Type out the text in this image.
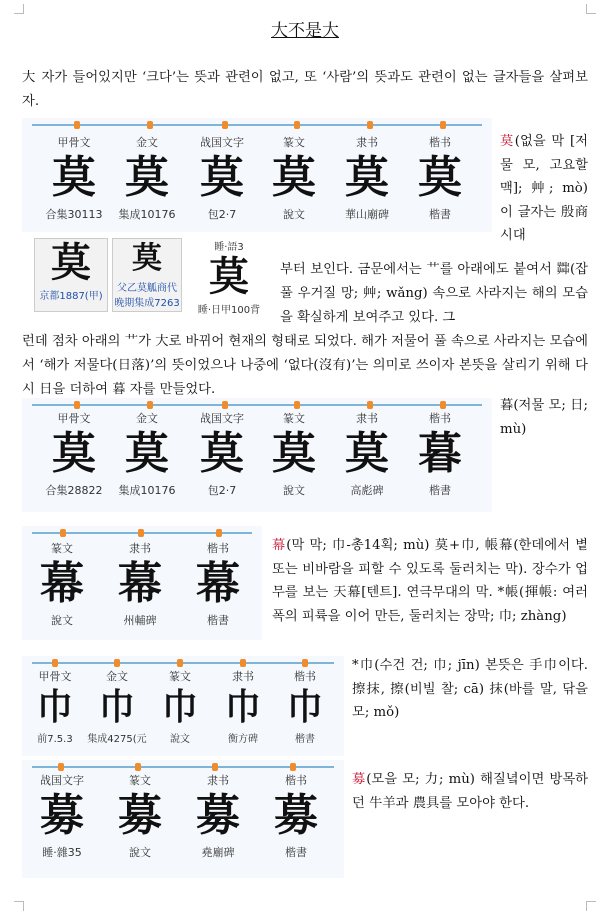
大不是大
大 자가 들어있지만 ‘크다’는 뜻과 관련이 없고, 또 ‘사람’의 뜻과도 관련이 없는 글자들을 살펴보자.
甲骨文
莫
合集30113
金文
莫
集成10176
战国文字
莫
包2·7
篆文
莫
說文
隶书
莫
華山廟碑
楷书
莫
楷書
莫(없을 막 [저물 모, 고요할 맥]; 艸; mò) 이 글자는 殷商시대
莫
京都1887(甲)
莫
父乙莫觚商代 晚期集成7263
睡·語3
莫
睡·日甲100背
부터 보인다. 금문에서는 艹를 아래에도 붙여서 茻(잡풀 우거질 망; 艸; wǎng) 속으로 사라지는 해의 모습을 확실하게 보여주고 있다. 그
런데 점차 아래의 艹가 大로 바뀌어 현재의 형태로 되었다. 해가 저물어 풀 속으로 사라지는 모습에서 ‘해가 저물다(日落)’의 뜻이었으나 나중에 ‘없다(沒有)’는 의미로 쓰이자 본뜻을 살리기 위해 다시 日을 더하여 暮 자를 만들었다.
甲骨文
莫
合集28822
金文
莫
集成10176
战国文字
莫
包2·7
篆文
莫
說文
隶书
莫
高彪碑
楷书
暮
楷書
暮(저물 모; 日; mù)
篆文
幕
說文
隶书
幕
州輔碑
楷书
幕
楷書
幕(막 막; 巾-총14획; mù) 莫+巾, 帳幕(한데에서 볕 또는 비바람을 피할 수 있도록 둘러치는 막). 장수가 업무를 보는 天幕[텐트]. 연극무대의 막. *帳(揮帳: 여러 폭의 피륙을 이어 만든, 둘러치는 장막; 巾; zhàng)
甲骨文
巾
前7.5.3
金文
巾
集成4275(元
篆文
巾
說文
隶书
巾
衡方碑
楷书
巾
楷書
*巾(수건 건; 巾; jīn) 본뜻은 手巾이다. 擦抹, 擦(비빌 찰; cā) 抹(바를 말, 닦을 모; mǒ)
战国文字
募
睡·雜35
篆文
募
說文
隶书
募
堯廟碑
楷书
募
楷書
募(모을 모; 力; mù) 해질녘이면 방목하던 牛羊과 農具를 모아야 한다.
